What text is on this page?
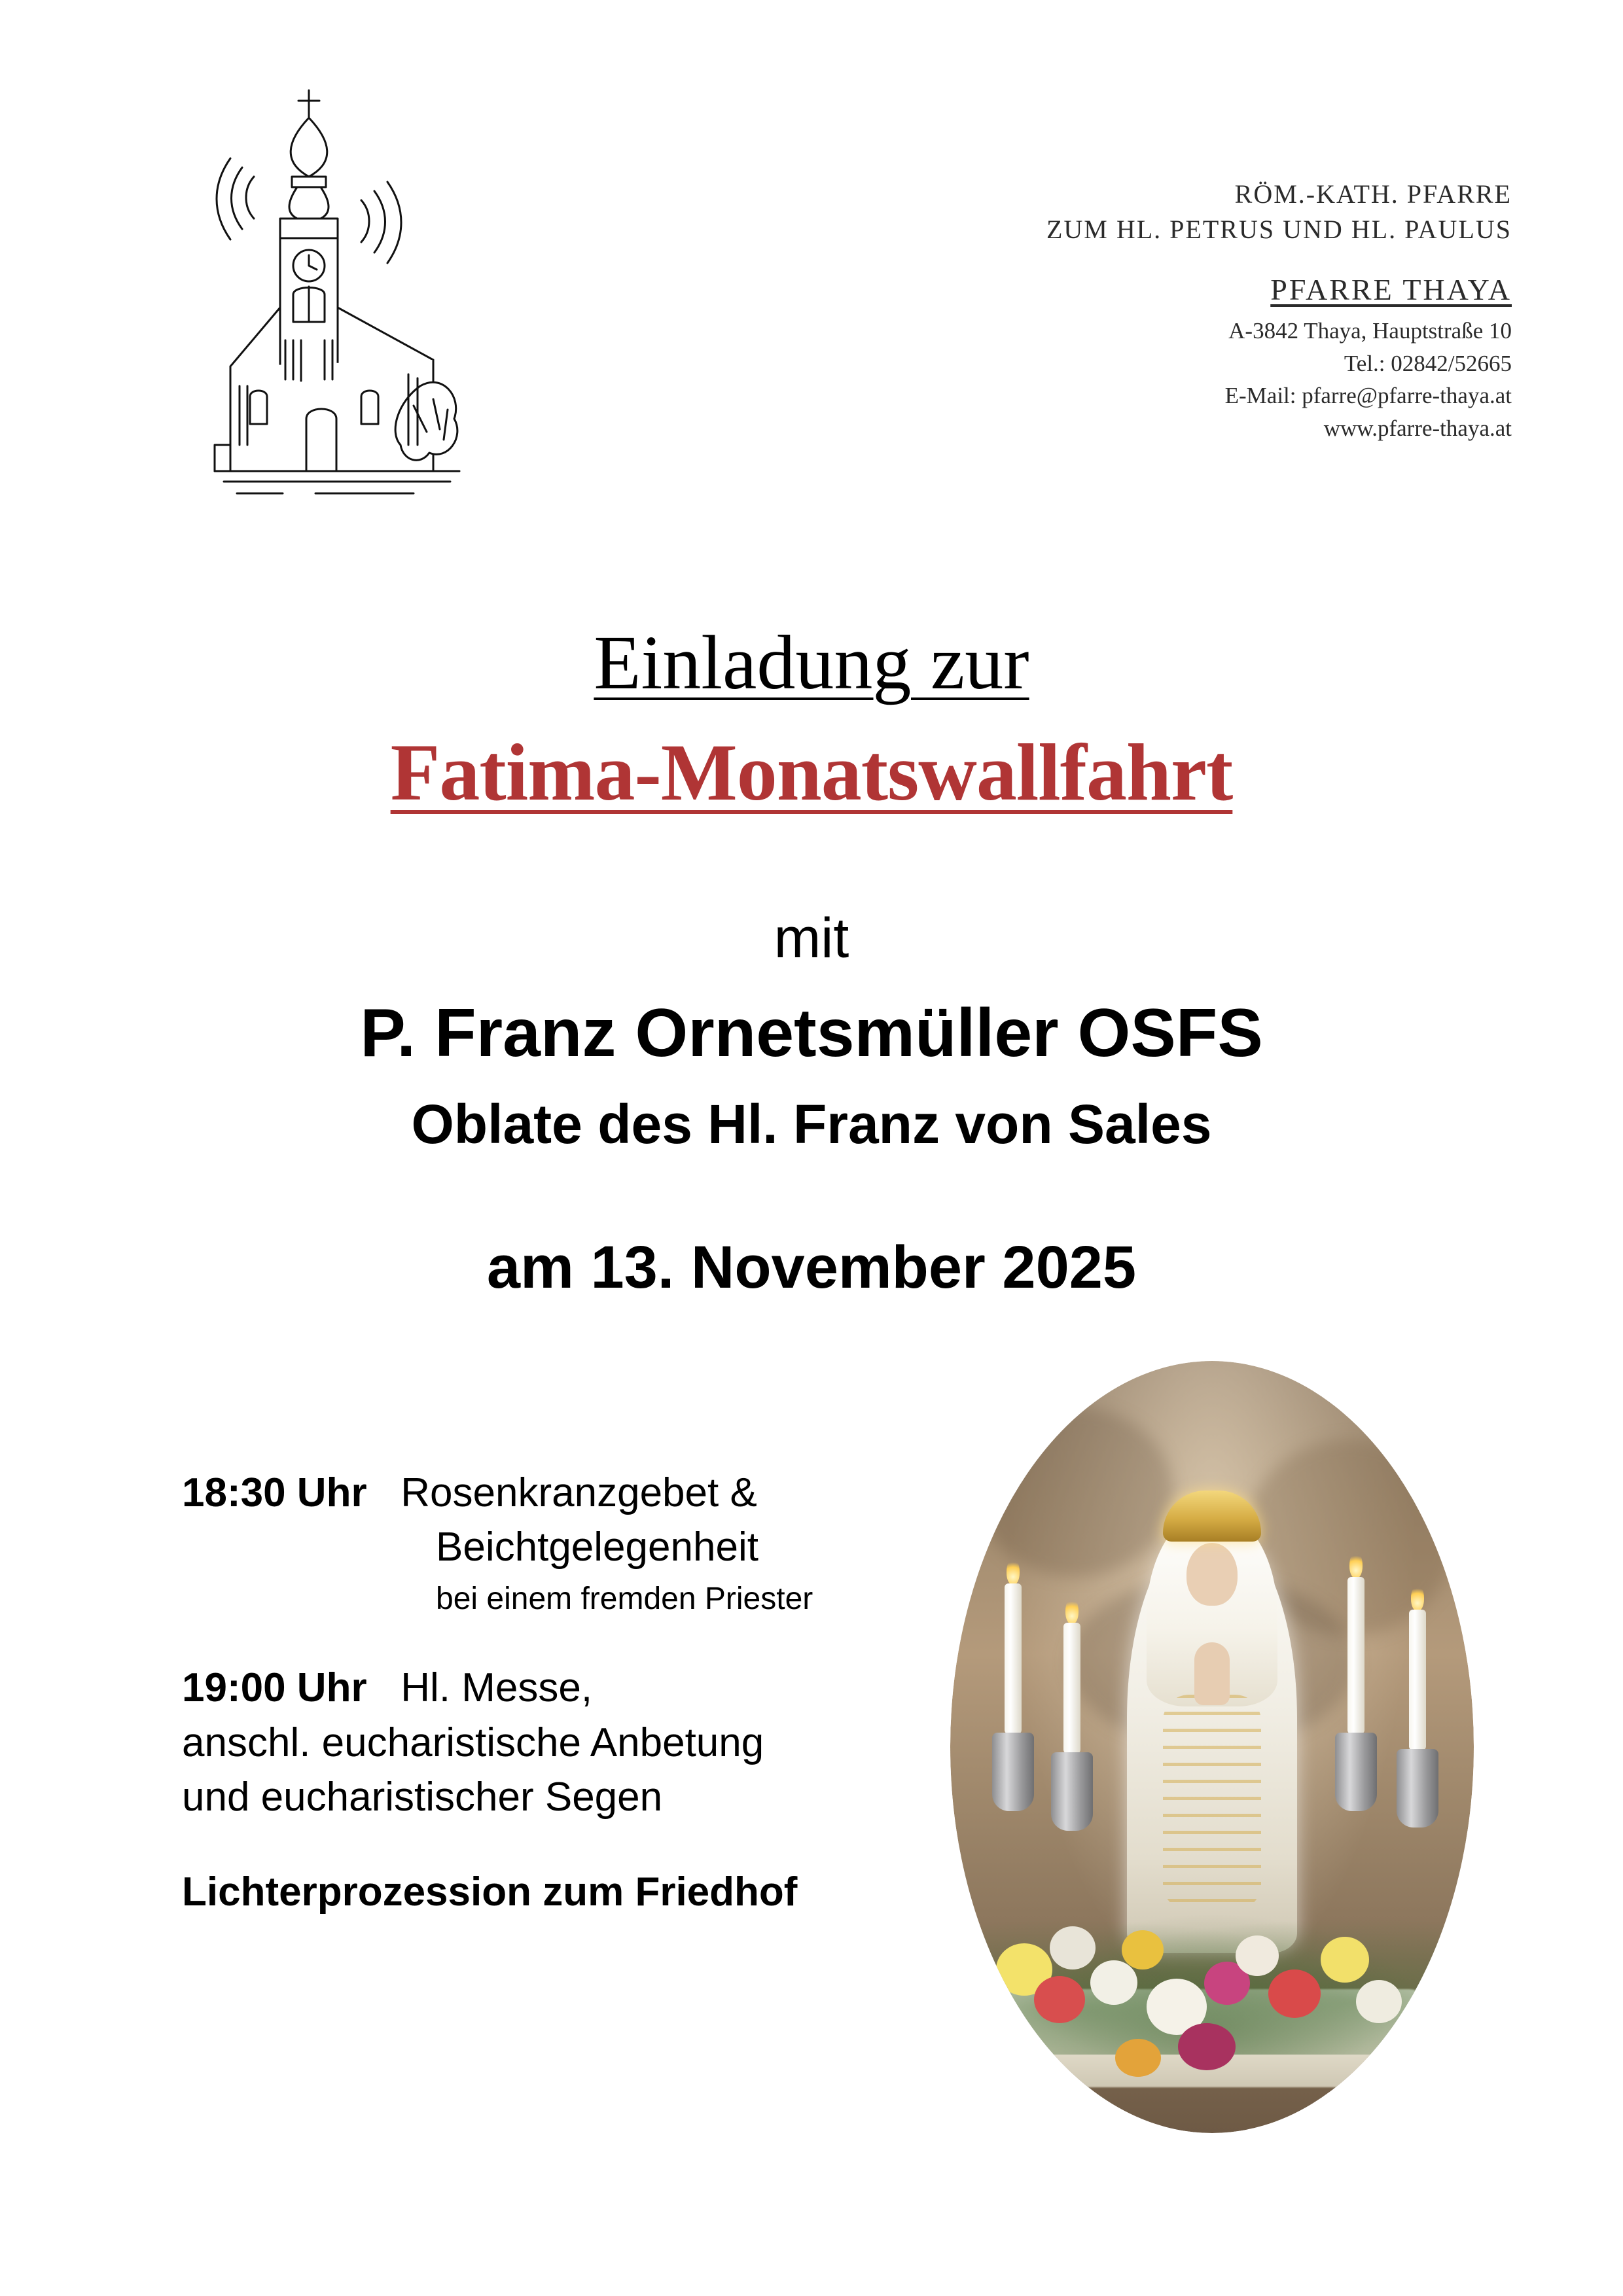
RÖM.-KATH. PFARRE
ZUM HL. PETRUS UND HL. PAULUS
PFARRE THAYA
A-3842 Thaya, Hauptstraße 10
Tel.: 02842/52665
E-Mail: pfarre@pfarre-thaya.at
www.pfarre-thaya.at
Einladung zur
Fatima-Monatswallfahrt
mit
P. Franz Ornetsmüller OSFS
Oblate des Hl. Franz von Sales
am 13. November 2025
18:30 Uhr Rosenkranzgebet &
Beichtgelegenheit
bei einem fremden Priester
19:00 Uhr Hl. Messe,
anschl. eucharistische Anbetung
und eucharistischer Segen
Lichterprozession zum Friedhof
